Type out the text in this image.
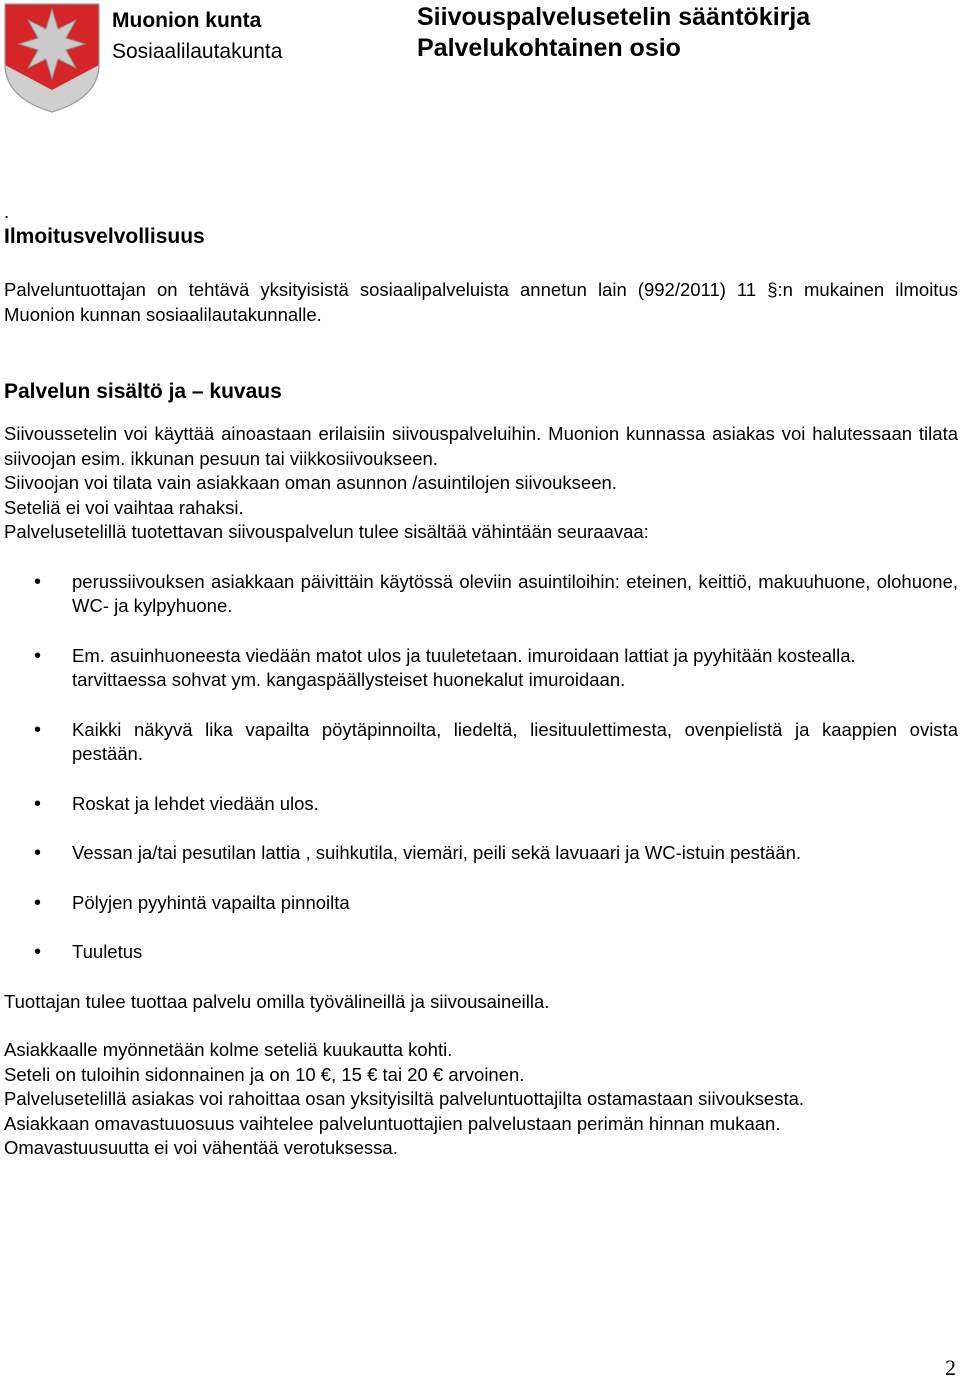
Muonion kunta
Sosiaalilautakunta
Siivouspalvelusetelin sääntökirja
Palvelukohtainen osio

.

Ilmoitusvelvollisuus

Palveluntuottajan on tehtävä yksityisistä sosiaalipalveluista annetun lain (992/2011) 11 §:n mukainen ilmoitus Muonion kunnan sosiaalilautakunnalle.

Palvelun sisältö ja – kuvaus

Siivoussetelin voi käyttää ainoastaan erilaisiin siivouspalveluihin. Muonion kunnassa asiakas voi halutessaan tilata siivoojan esim. ikkunan pesuun tai viikkosiivoukseen.

Siivoojan voi tilata vain asiakkaan oman asunnon /asuintilojen siivoukseen.

Seteliä ei voi vaihtaa rahaksi.

Palvelusetelillä tuotettavan siivouspalvelun tulee sisältää vähintään seuraavaa:

• perussiivouksen asiakkaan päivittäin käytössä oleviin asuintiloihin: eteinen, keittiö, makuuhuone, olohuone, WC- ja kylpyhuone.
• Em. asuinhuoneesta viedään matot ulos ja tuuletetaan. imuroidaan lattiat ja pyyhitään kostealla.
tarvittaessa sohvat ym. kangaspäällysteiset huonekalut imuroidaan.
• Kaikki näkyvä lika vapailta pöytäpinnoilta, liedeltä, liesituulettimesta, ovenpielistä ja kaappien ovista pestään.
• Roskat ja lehdet viedään ulos.
• Vessan ja/tai pesutilan lattia , suihkutila, viemäri, peili sekä lavuaari ja WC-istuin pestään.
• Pölyjen pyyhintä vapailta pinnoilta
• Tuuletus

Tuottajan tulee tuottaa palvelu omilla työvälineillä ja siivousaineilla.

Asiakkaalle myönnetään kolme seteliä kuukautta kohti.

Seteli on tuloihin sidonnainen ja on 10 €, 15 € tai 20 € arvoinen.

Palvelusetelillä asiakas voi rahoittaa osan yksityisiltä palveluntuottajilta ostamastaan siivouksesta.

Asiakkaan omavastuuosuus vaihtelee palveluntuottajien palvelustaan perimän hinnan mukaan.

Omavastuusuutta ei voi vähentää verotuksessa.

2
